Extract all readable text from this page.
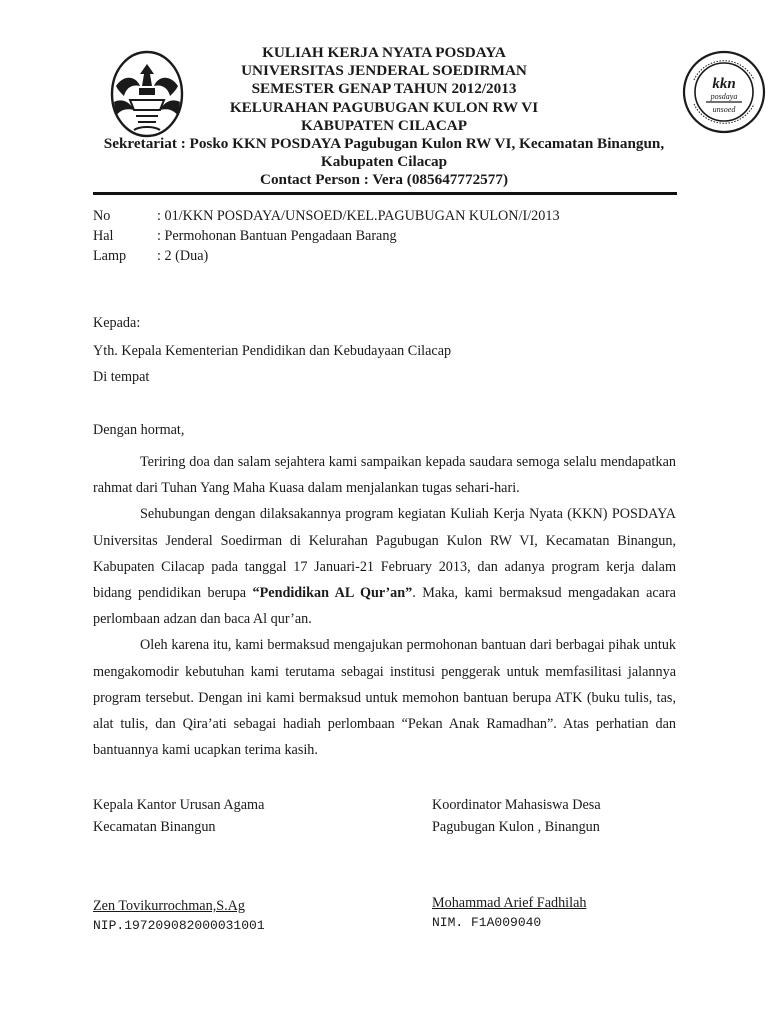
KULIAH KERJA NYATA POSDAYA
UNIVERSITAS JENDERAL SOEDIRMAN
SEMESTER GENAP TAHUN 2012/2013
KELURAHAN PAGUBUGAN KULON RW VI
KABUPATEN CILACAP
Sekretariat : Posko KKN POSDAYA Pagubugan Kulon RW VI, Kecamatan Binangun,
Kabupaten Cilacap
Contact Person : Vera (085647772577)
kkn
posdaya
unsoed
No	: 01/KKN POSDAYA/UNSOED/KEL.PAGUBUGAN KULON/I/2013
Hal	: Permohonan Bantuan Pengadaan Barang
Lamp : 2 (Dua)
Kepada:
Yth. Kepala Kementerian Pendidikan dan Kebudayaan Cilacap
Di tempat
Dengan hormat,

Teriring doa dan salam sejahtera kami sampaikan kepada saudara semoga selalu mendapatkan rahmat dari Tuhan Yang Maha Kuasa dalam menjalankan tugas sehari-hari.

Sehubungan dengan dilaksakannya program kegiatan Kuliah Kerja Nyata (KKN) POSDAYA Universitas Jenderal Soedirman di Kelurahan Pagubugan Kulon RW VI, Kecamatan Binangun, Kabupaten Cilacap pada tanggal 17 Januari-21 February 2013, dan adanya program kerja dalam bidang pendidikan berupa “Pendidikan AL Qur’an”. Maka, kami bermaksud mengadakan acara perlombaan adzan dan baca Al qur’an.

Oleh karena itu, kami bermaksud mengajukan permohonan bantuan dari berbagai pihak untuk mengakomodir kebutuhan kami terutama sebagai institusi penggerak untuk memfasilitasi jalannya program tersebut. Dengan ini kami bermaksud untuk memohon bantuan berupa ATK (buku tulis, tas, alat tulis, dan Qira’ati sebagai hadiah perlombaan “Pekan Anak Ramadhan”. Atas perhatian dan bantuannya kami ucapkan terima kasih.

Kepala Kantor Urusan Agama
Kecamatan Binangun
Koordinator Mahasiswa Desa
Pagubugan Kulon , Binangun
Zen Tovikurrochman,S.Ag
NIP.197209082000031001
Mohammad Arief Fadhilah
NIM. F1A009040
